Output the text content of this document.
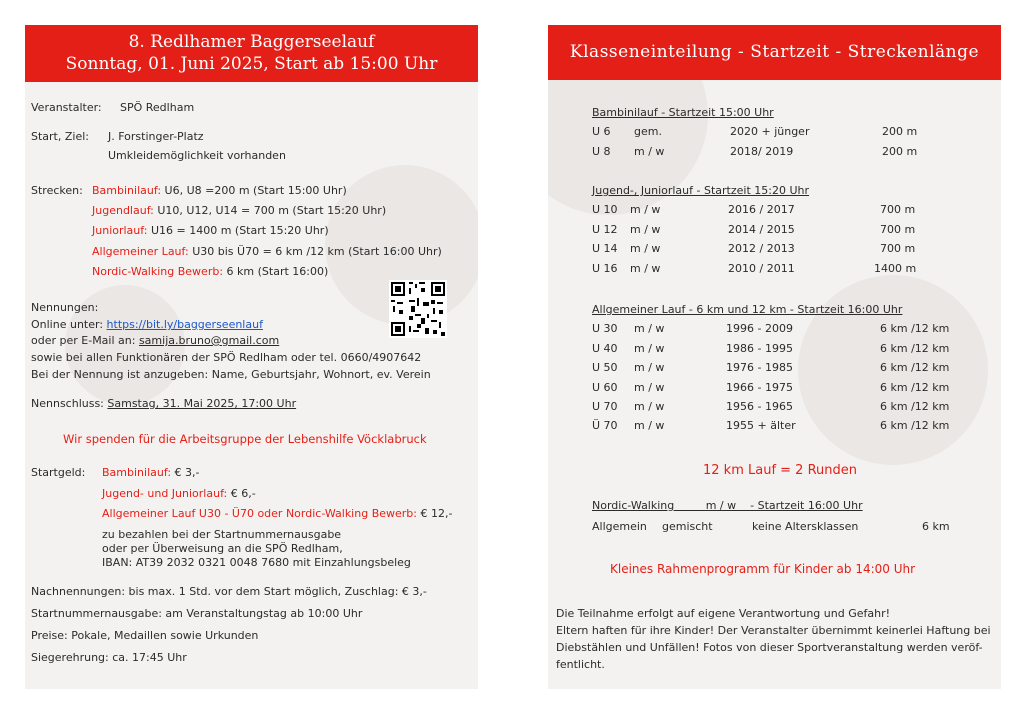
8. Redlhamer Baggerseelauf
Sonntag, 01. Juni 2025, Start ab 15:00 Uhr
Klasseneinteilung - Startzeit - Streckenlänge
Veranstalter: SPÖ Redlham
Start, Ziel: J. Forstinger-Platz
Umkleidemöglichkeit vorhanden
Strecken: Bambinilauf: U6, U8 =200 m (Start 15:00 Uhr)
Jugendlauf: U10, U12, U14 = 700 m (Start 15:20 Uhr)
Juniorlauf: U16 = 1400 m (Start 15:20 Uhr)
Allgemeiner Lauf: U30 bis Ü70 = 6 km /12 km (Start 16:00 Uhr)
Nordic-Walking Bewerb: 6 km (Start 16:00)
Nennungen:
Online unter: https://bit.ly/baggerseenlauf
oder per E-Mail an: samija.bruno@gmail.com
sowie bei allen Funktionären der SPÖ Redlham oder tel. 0660/4907642
Bei der Nennung ist anzugeben: Name, Geburtsjahr, Wohnort, ev. Verein
Nennschluss: Samstag, 31. Mai 2025, 17:00 Uhr
Wir spenden für die Arbeitsgruppe der Lebenshilfe Vöcklabruck
Startgeld: Bambinilauf: € 3,-
Jugend- und Juniorlauf: € 6,-
Allgemeiner Lauf U30 - Ü70 oder Nordic-Walking Bewerb: € 12,-
zu bezahlen bei der Startnummernausgabe
oder per Überweisung an die SPÖ Redlham,
IBAN: AT39 2032 0321 0048 7680 mit Einzahlungsbeleg
Nachnennungen: bis max. 1 Std. vor dem Start möglich, Zuschlag: € 3,-
Startnummernausgabe: am Veranstaltungstag ab 10:00 Uhr
Preise: Pokale, Medaillen sowie Urkunden
Siegerehrung: ca. 17:45 Uhr
Bambinilauf - Startzeit 15:00 Uhr
U 6 gem.	2020 + jünger	200 m
U 8 m / w	2018/ 2019	200 m
Jugend-, Juniorlauf - Startzeit 15:20 Uhr
U 10 m / w	2016 / 2017	700 m
U 12 m / w	2014 / 2015	700 m
U 14 m / w	2012 / 2013	700 m
U 16 m / w	2010 / 2011	1400 m
Allgemeiner Lauf - 6 km und 12 km - Startzeit 16:00 Uhr
U 30 m / w	1996 - 2009	6 km /12 km
U 40 m / w	1986 - 1995	6 km /12 km
U 50 m / w	1976 - 1985	6 km /12 km
U 60 m / w	1966 - 1975	6 km /12 km
U 70 m / w	1956 - 1965	6 km /12 km
Ü 70 m / w	1955 + älter	6 km /12 km
12 km Lauf = 2 Runden
Nordic-Walking         m / w    - Startzeit 16:00 Uhr
Allgemein gemischt	keine Altersklassen	6 km
Kleines Rahmenprogramm für Kinder ab 14:00 Uhr
Die Teilnahme erfolgt auf eigene Verantwortung und Gefahr!
Eltern haften für ihre Kinder! Der Veranstalter übernimmt keinerlei Haftung bei
Diebstählen und Unfällen! Fotos von dieser Sportveranstaltung werden veröf-
fentlicht.
